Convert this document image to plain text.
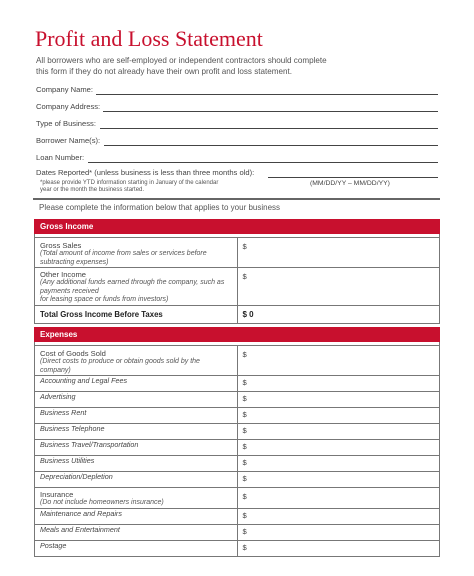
Profit and Loss Statement
All borrowers who are self-employed or independent contractors should complete
this form if they do not already have their own profit and loss statement.
Company Name:
Company Address:
Type of Business:
Borrower Name(s):
Loan Number:
Dates Reported* (unless business is less than three months old):
*please provide YTD information starting in January of the calendar
year or the month the business started.
(MM/DD/YY – MM/DD/YY)
Please complete the information below that applies to your business
Gross Income	

Gross Sales
(Total amount of income from sales or services before subtracting expenses)	$

Other Income
(Any additional funds earned through the company, such as payments received
for leasing space or funds from investors)	$

Total Gross Income Before Taxes	$ 0
Expenses	

Cost of Goods Sold
(Direct costs to produce or obtain goods sold by the company)	$

Accounting and Legal Fees	$

Advertising	$

Business Rent	$

Business Telephone	$

Business Travel/Transportation	$

Business Utilities	$

Depreciation/Depletion	$

Insurance
(Do not include homeowners insurance)	$

Maintenance and Repairs	$

Meals and Entertainment	$

Postage	$
